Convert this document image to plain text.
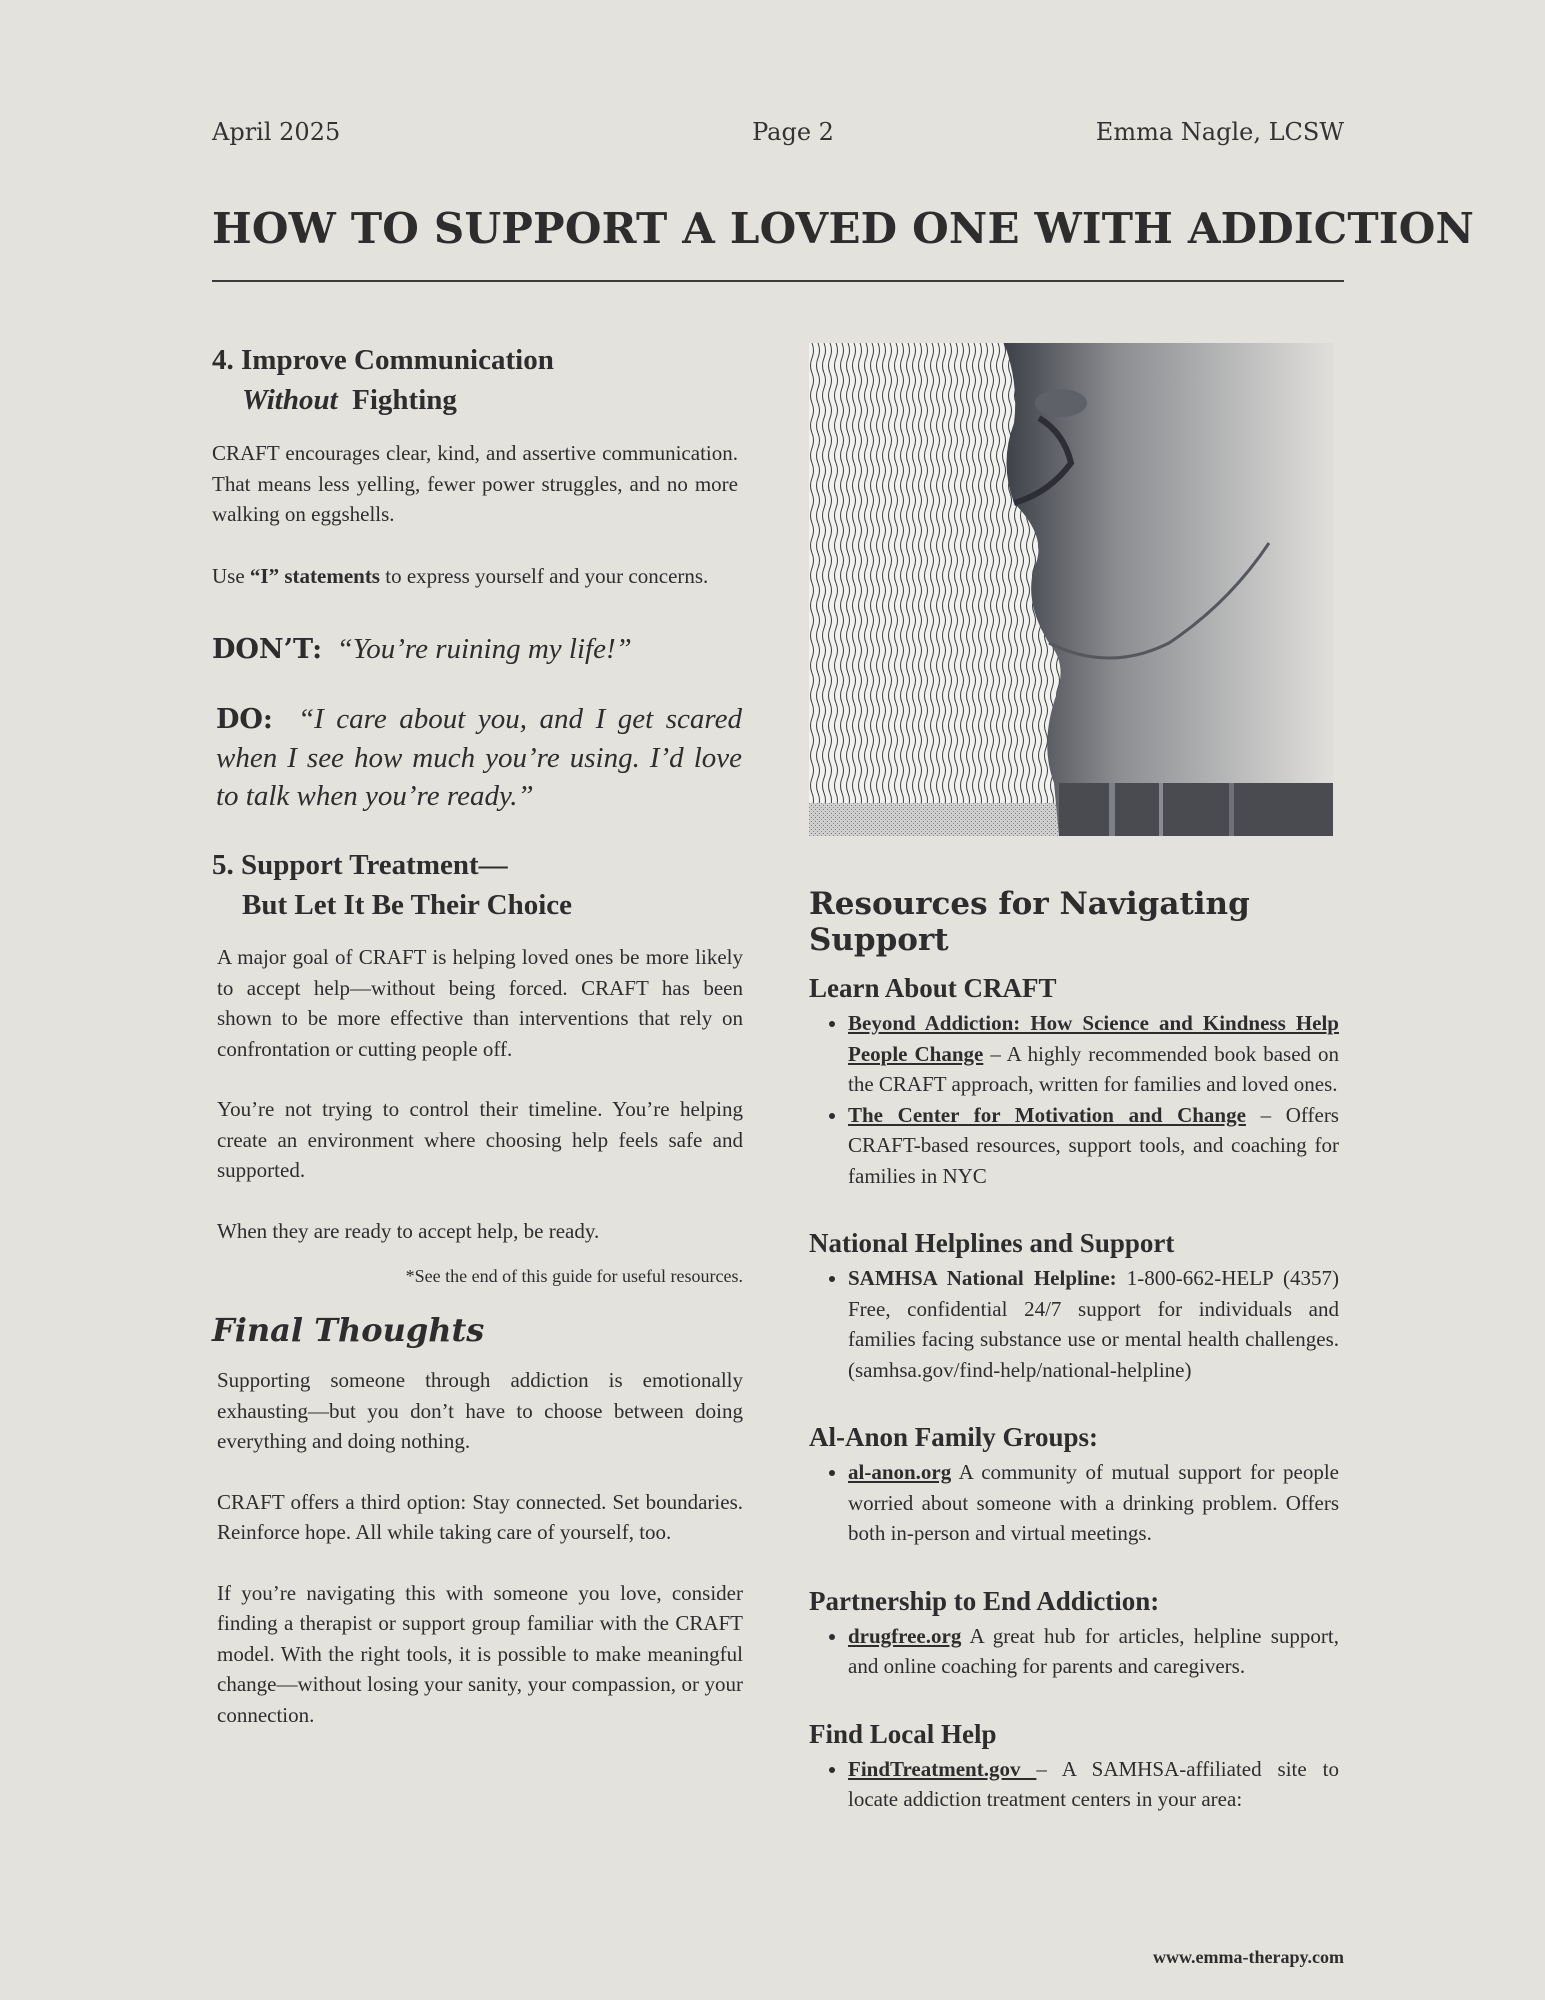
April 2025	Page 2	Emma Nagle, LCSW
HOW TO SUPPORT A LOVED ONE WITH ADDICTION
4. Improve Communication
Without Fighting

CRAFT encourages clear, kind, and assertive communication. That means less yelling, fewer power struggles, and no more walking on eggshells.

Use “I” statements to express yourself and your concerns.

DON’T: “You’re ruining my life!”

DO: “I care about you, and I get scared when I see how much you’re using. I’d love to talk when you’re ready.”

5. Support Treatment—
But Let It Be Their Choice

A major goal of CRAFT is helping loved ones be more likely to accept help—without being forced. CRAFT has been shown to be more effective than interventions that rely on confrontation or cutting people off.

You’re not trying to control their timeline. You’re helping create an environment where choosing help feels safe and supported.

When they are ready to accept help, be ready.

*See the end of this guide for useful resources.

Final Thoughts

Supporting someone through addiction is emotionally exhausting—but you don’t have to choose between doing everything and doing nothing.

CRAFT offers a third option: Stay connected. Set boundaries. Reinforce hope. All while taking care of yourself, too.

If you’re navigating this with someone you love, consider finding a therapist or support group familiar with the CRAFT model. With the right tools, it is possible to make meaningful change—without losing your sanity, your compassion, or your connection.

Resources for Navigating Support
Learn About CRAFT
• Beyond Addiction: How Science and Kindness Help People Change – A highly recommended book based on the CRAFT approach, written for families and loved ones.
• The Center for Motivation and Change – Offers CRAFT-based resources, support tools, and coaching for families in NYC
National Helplines and Support
• SAMHSA National Helpline: 1-800-662-HELP (4357) Free, confidential 24/7 support for individuals and families facing substance use or mental health challenges. (samhsa.gov/find-help/national-helpline)
Al-Anon Family Groups:
• al-anon.org A community of mutual support for people worried about someone with a drinking problem. Offers both in-person and virtual meetings.
Partnership to End Addiction:
• drugfree.org A great hub for articles, helpline support, and online coaching for parents and caregivers.
Find Local Help
• FindTreatment.gov – A SAMHSA-affiliated site to locate addiction treatment centers in your area:
www.emma-therapy.com
